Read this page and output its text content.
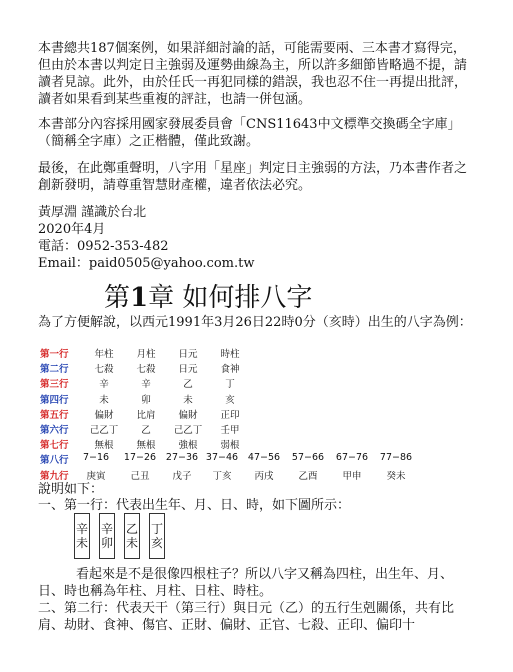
本書總共187個案例，如果詳細討論的話，可能需要兩、三本書才寫得完，但由於本書以判定日主強弱及運勢曲線為主，所以許多細節皆略過不提，請讀者見諒。此外，由於任氏一再犯同樣的錯誤，我也忍不住一再提出批評，讀者如果看到某些重複的評註，也請一併包涵。

本書部分內容採用國家發展委員會「CNS11643中文標準交換碼全字庫」（簡稱全字庫）之正楷體，僅此致謝。

最後，在此鄭重聲明，八字用「星座」判定日主強弱的方法，乃本書作者之創新發明，請尊重智慧財產權，違者依法必究。

黃厚淵 謹識於台北
2020年4月
電話：0952-353-482
Email：paid0505@yahoo.com.tw
第1章 如何排八字

為了方便解說，以西元1991年3月26日22時0分（亥時）出生的八字為例：

第一行	年柱	月柱	日元	時柱
第二行	七殺	七殺	日元	食神
第三行	辛	辛	乙	丁
第四行	未	卯	未	亥
第五行	偏財	比肩	偏財	正印
第六行	己乙丁	乙	己乙丁	壬甲
第七行	無根	無根	強根	弱根
第八行	7−16	17−26	27−36 37−46	47−56	57−66	67−76	77−86
第九行	庚寅	己丑	戊子	丁亥	丙戌	乙酉	甲申	癸未
說明如下：
一、第一行：代表出生年、月、日、時，如下圖所示：
辛
未
辛
卯
乙
未
丁
亥

看起來是不是很像四根柱子？所以八字又稱為四柱，出生年、月、日、時也稱為年柱、月柱、日柱、時柱。

二、第二行：代表天干（第三行）與日元（乙）的五行生剋關係，共有比肩、劫財、食神、傷官、正財、偏財、正官、七殺、正印、偏印十
